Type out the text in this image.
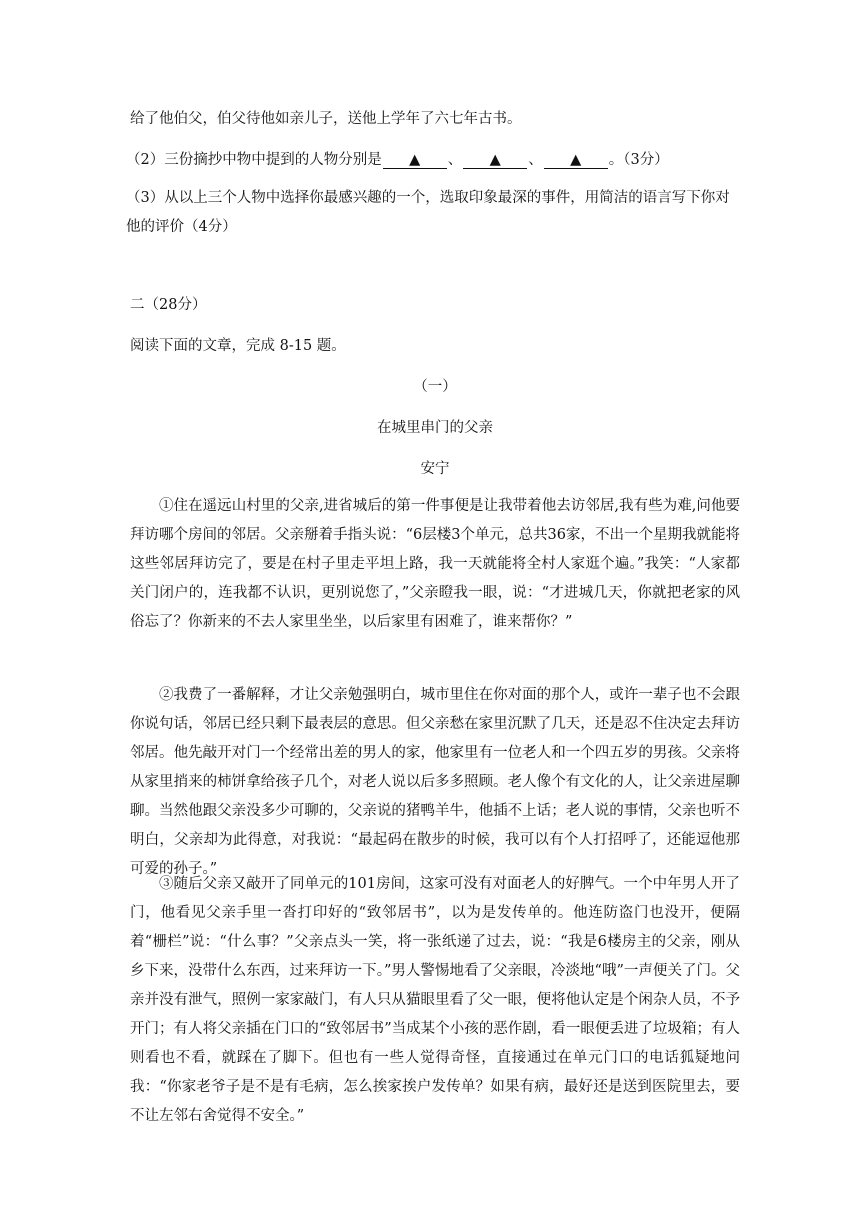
给了他伯父，伯父待他如亲儿子，送他上学年了六七年古书。
（2）三份摘抄中物中提到的人物分别是 ▲ 、 ▲ 、 ▲ 。（3分）
（3）从以上三个人物中选择你最感兴趣的一个，选取印象最深的事件，用简洁的语言写下你对他的评价（4分）
二（28分）
阅读下面的文章，完成 8-15 题。
（一）
在城里串门的父亲
安宁
①住在遥远山村里的父亲,进省城后的第一件事便是让我带着他去访邻居,我有些为难,问他要拜访哪个房间的邻居。父亲掰着手指头说：“6层楼3个单元，总共36家，不出一个星期我就能将这些邻居拜访完了，要是在村子里走平坦上路，我一天就能将全村人家逛个遍。”我笑：“人家都关门闭户的，连我都不认识，更别说您了，”父亲瞪我一眼，说：“才进城几天，你就把老家的风俗忘了？你新来的不去人家里坐坐，以后家里有困难了，谁来帮你？”
②我费了一番解释，才让父亲勉强明白，城市里住在你对面的那个人，或许一辈子也不会跟你说句话，邻居已经只剩下最表层的意思。但父亲愁在家里沉默了几天，还是忍不住决定去拜访邻居。他先敲开对门一个经常出差的男人的家，他家里有一位老人和一个四五岁的男孩。父亲将从家里捎来的柿饼拿给孩子几个，对老人说以后多多照顾。老人像个有文化的人，让父亲进屋聊聊。当然他跟父亲没多少可聊的，父亲说的猪鸭羊牛，他插不上话；老人说的事情，父亲也听不明白，父亲却为此得意，对我说：“最起码在散步的时候，我可以有个人打招呼了，还能逗他那可爱的孙子。”
③随后父亲又敲开了同单元的101房间，这家可没有对面老人的好脾气。一个中年男人开了门，他看见父亲手里一沓打印好的“致邻居书”，以为是发传单的。他连防盗门也没开，便隔着“栅栏”说：“什么事？”父亲点头一笑，将一张纸递了过去，说：“我是6楼房主的父亲，刚从乡下来，没带什么东西，过来拜访一下。”男人警惕地看了父亲眼，冷淡地“哦”一声便关了门。父亲并没有泄气，照例一家家敲门，有人只从猫眼里看了父一眼，便将他认定是个闲杂人员，不予开门；有人将父亲插在门口的“致邻居书”当成某个小孩的恶作剧，看一眼便丢进了垃圾箱；有人则看也不看，就踩在了脚下。但也有一些人觉得奇怪，直接通过在单元门口的电话狐疑地问我：“你家老爷子是不是有毛病，怎么挨家挨户发传单？如果有病，最好还是送到医院里去，要不让左邻右舍觉得不安全。”
